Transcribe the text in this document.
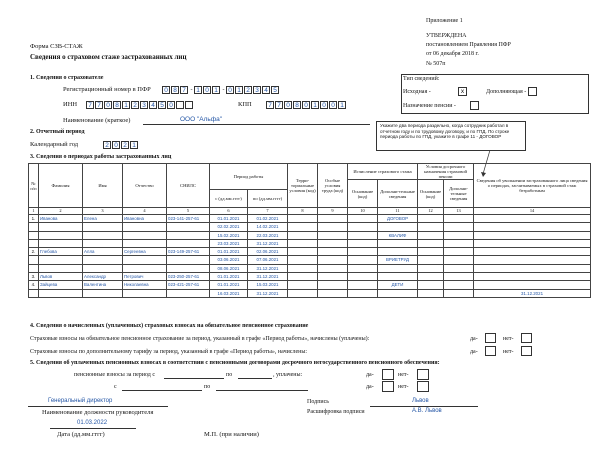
Приложение 1
УТВЕРЖДЕНА
постановлением Правления ПФР
от 06 декабря 2018 г.
№ 507п
Форма СЗВ-СТАЖ
Сведения о страховом стаже застрахованных лиц
1. Сведения о страхователе
Регистрационный номер в ПФР	0 8 7 - 1 0 1 - 0 1 2 3 4 5
ИНН	7 7 0 8 1 2 3 4 5 0	КПП	7 7 0 8 0 1 0 0 1
Наименование (краткое)	ООО "Альфа"
Тип сведений:
Исходная -	x	Дополняющая -
Назначение пенсии -
2. Отчетный период
Календарный год	2 0 2 1
Укажите два периода раздельно, когда сотрудник работал в отчетном году и по трудовому договору, и по ГПД. По строке периода работы по ГПД, укажите в графе 11 - ДОГОВОР
3. Сведения о периодах работы застрахованных лиц
№ п/п	Фамилия	Имя	Отчество	СНИЛС	Период работы		Терри-ториальные условия (код)	Особые условия труда (код)	Исчисление страхового стажа		Условия досрочного назначения страховой пенсии		Сведения об увольнении застрахованного лица сведения о периодах, засчитываемых в страховой стаж безработным
									Основание (код)	Дополни-тельные сведения	Основание (код)	Дополни-тельные сведения	
					с (дд.мм.гггг)	по (дд.мм.гггг)							
1	2	3	4	5	6	7	8	9	10	11	12	13	14
1.	Иванова	Елена	Ивановна	023-141-257-61	01.01.2021	01.02.2021				ДОГОВОР			
					02.02.2021	14.02.2021							
					15.02.2021	22.03.2021				КВАЛИФ			
					23.03.2021	31.12.2021							
2.	Глебова	Алла	Сергеевна	023-149-257-61	01.01.2021	02.06.2021							
					03.06.2021	07.06.2021				ВРИЕТРУД			
					08.06.2021	31.12.2021							
3.	Львов	Александр	Петрович	023-250-257-61	01.01.2021	31.12.2021							
4.	Зайцева	Валентина	Николаевна	023-421-257-61	01.01.2021	15.03.2021				ДЕТИ			
					16.03.2021	31.12.2021							31.12.2021
4. Сведения о начисленных (уплаченных) страховых взносах на обязательное пенсионное страхование
Страховые взносы на обязательное пенсионное страхование за период, указанный в графе «Период работы», начислены (уплачены):	да-	нет-
Страховые взносы по дополнительному тарифу за период, указанный в графе «Период работы», начислены:	да-	нет-
5. Сведения об уплаченных пенсионных взносах в соответствии с пенсионными договорами досрочного негосударственного пенсионного обеспечения:
пенсионные взносы за период с	по	, уплачены:	да-	нет-
с	по	да-	нет-
Генеральный директор
Наименование должности руководителя
Подпись	Львов
Расшифровка подписи	А.В. Львов
01.03.2022
Дата (дд.мм.гггг)	М.П. (при наличии)
